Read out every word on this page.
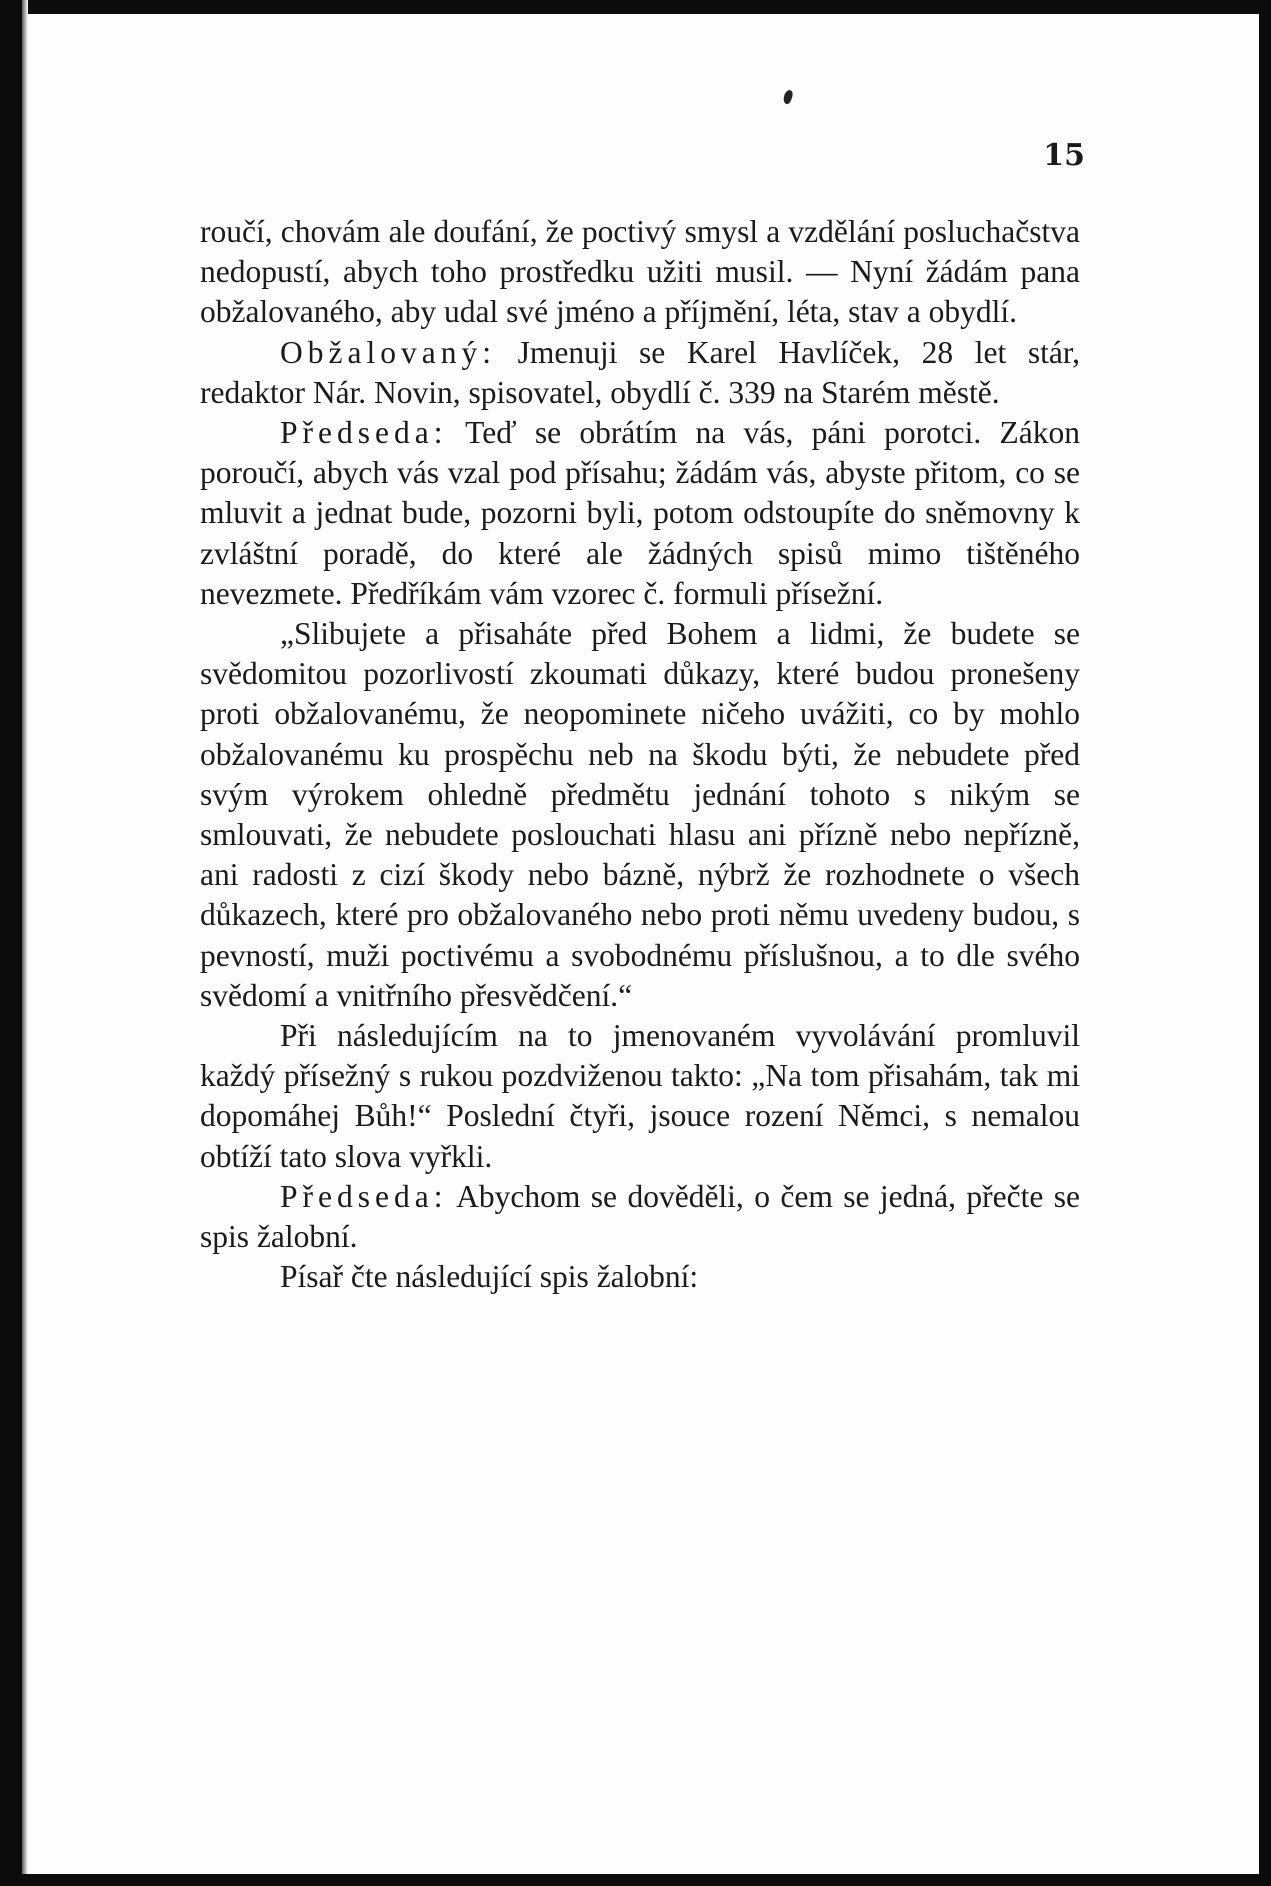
15

roučí, chovám ale doufání, že poctivý smysl a vzdělání posluchačstva nedopustí, abych toho prostředku užiti musil. — Nyní žádám pana obžalovaného, aby udal své jméno a příjmění, léta, stav a obydlí.

Obžalovaný: Jmenuji se Karel Havlíček, 28 let stár, redaktor Nár. Novin, spisovatel, obydlí č. 339 na Starém městě.

Předseda: Teď se obrátím na vás, páni porotci. Zákon poroučí, abych vás vzal pod přísahu; žádám vás, abyste přitom, co se mluvit a jednat bude, pozorni byli, potom odstoupíte do sněmovny k zvláštní poradě, do které ale žádných spisů mimo tištěného nevezmete. Předříkám vám vzorec č. formuli přísežní.

„Slibujete a přisaháte před Bohem a lidmi, že budete se svědomitou pozorlivostí zkoumati důkazy, které budou pronešeny proti obžalovanému, že neopominete ničeho uvážiti, co by mohlo obžalovanému ku prospěchu neb na škodu býti, že nebudete před svým výrokem ohledně předmětu jednání tohoto s nikým se smlouvati, že nebudete poslouchati hlasu ani přízně nebo nepřízně, ani radosti z cizí škody nebo bázně, nýbrž že rozhodnete o všech důkazech, které pro obžalovaného nebo proti němu uvedeny budou, s pevností, muži poctivému a svobodnému příslušnou, a to dle svého svědomí a vnitřního přesvědčení.“

Při následujícím na to jmenovaném vyvolávání promluvil každý přísežný s rukou pozdviženou takto: „Na tom přisahám, tak mi dopomáhej Bůh!“ Poslední čtyři, jsouce rození Němci, s nemalou obtíží tato slova vyřkli.

Předseda: Abychom se dověděli, o čem se jedná, přečte se spis žalobní.

Písař čte následující spis žalobní:
